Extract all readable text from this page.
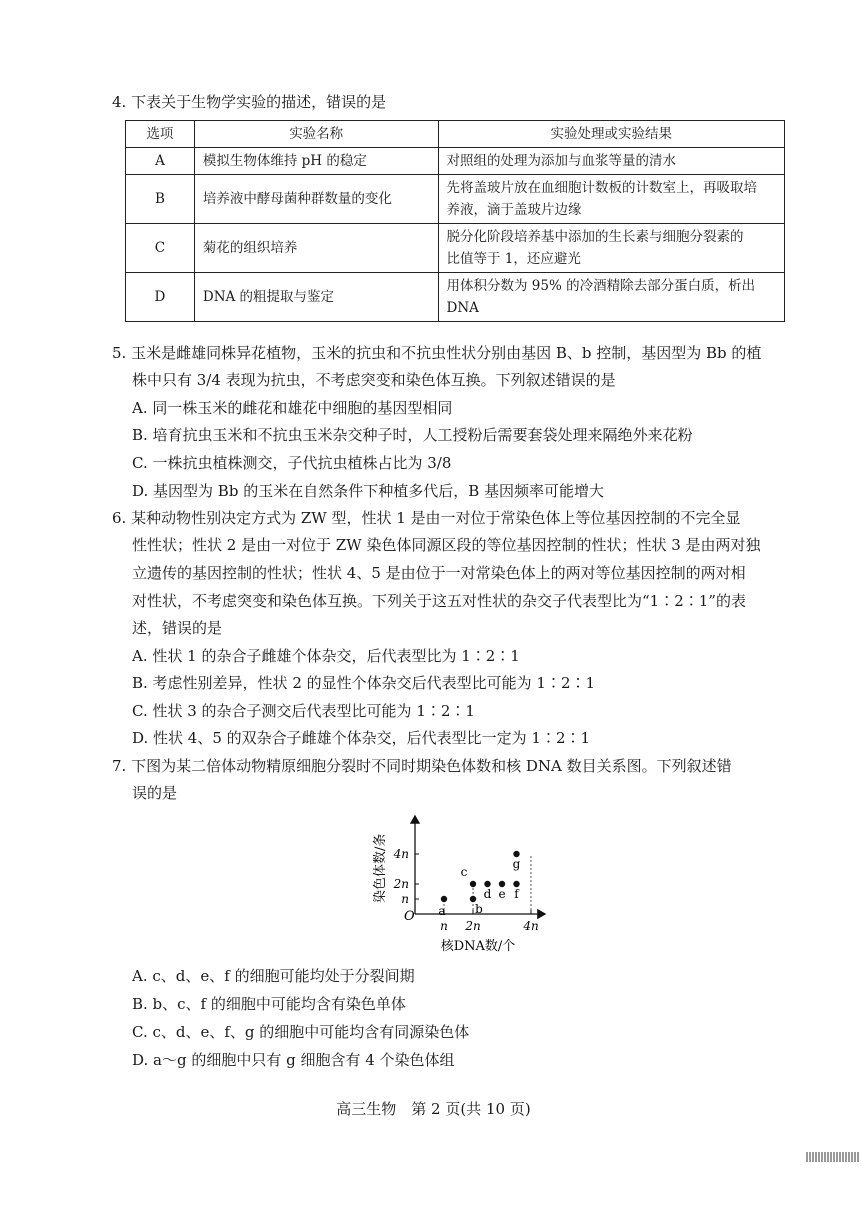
4. 下表关于生物学实验的描述，错误的是
选项	实验名称	实验处理或实验结果
A	模拟生物体维持 pH 的稳定	对照组的处理为添加与血浆等量的清水
B	培养液中酵母菌种群数量的变化	先将盖玻片放在血细胞计数板的计数室上，再吸取培
养液，滴于盖玻片边缘
C	菊花的组织培养	脱分化阶段培养基中添加的生长素与细胞分裂素的
比值等于 1，还应避光
D	DNA 的粗提取与鉴定	用体积分数为 95% 的冷酒精除去部分蛋白质，析出
DNA
5. 玉米是雌雄同株异花植物，玉米的抗虫和不抗虫性状分别由基因 B、b 控制，基因型为 Bb 的植
株中只有 3/4 表现为抗虫，不考虑突变和染色体互换。下列叙述错误的是
A. 同一株玉米的雌花和雄花中细胞的基因型相同
B. 培育抗虫玉米和不抗虫玉米杂交种子时，人工授粉后需要套袋处理来隔绝外来花粉
C. 一株抗虫植株测交，子代抗虫植株占比为 3/8
D. 基因型为 Bb 的玉米在自然条件下种植多代后，B 基因频率可能增大
6. 某种动物性别决定方式为 ZW 型，性状 1 是由一对位于常染色体上等位基因控制的不完全显
性性状；性状 2 是由一对位于 ZW 染色体同源区段的等位基因控制的性状；性状 3 是由两对独
立遗传的基因控制的性状；性状 4、5 是由位于一对常染色体上的两对等位基因控制的两对相
对性状，不考虑突变和染色体互换。下列关于这五对性状的杂交子代表型比为“1∶2∶1”的表
述，错误的是
A. 性状 1 的杂合子雌雄个体杂交，后代表型比为 1∶2∶1
B. 考虑性别差异，性状 2 的显性个体杂交后代表型比可能为 1∶2∶1
C. 性状 3 的杂合子测交后代表型比可能为 1∶2∶1
D. 性状 4、5 的双杂合子雌雄个体杂交，后代表型比一定为 1∶2∶1
7. 下图为某二倍体动物精原细胞分裂时不同时期染色体数和核 DNA 数目关系图。下列叙述错
误的是
n
n
2n
2n
4n
4n
a b
c
d e f
g
O
核DNA数/个
染色体数/条
A. c、d、e、f 的细胞可能均处于分裂间期
B. b、c、f 的细胞中可能均含有染色单体
C. c、d、e、f、g 的细胞中可能均含有同源染色体
D. a～g 的细胞中只有 g 细胞含有 4 个染色体组
高三生物　第 2 页(共 10 页)
